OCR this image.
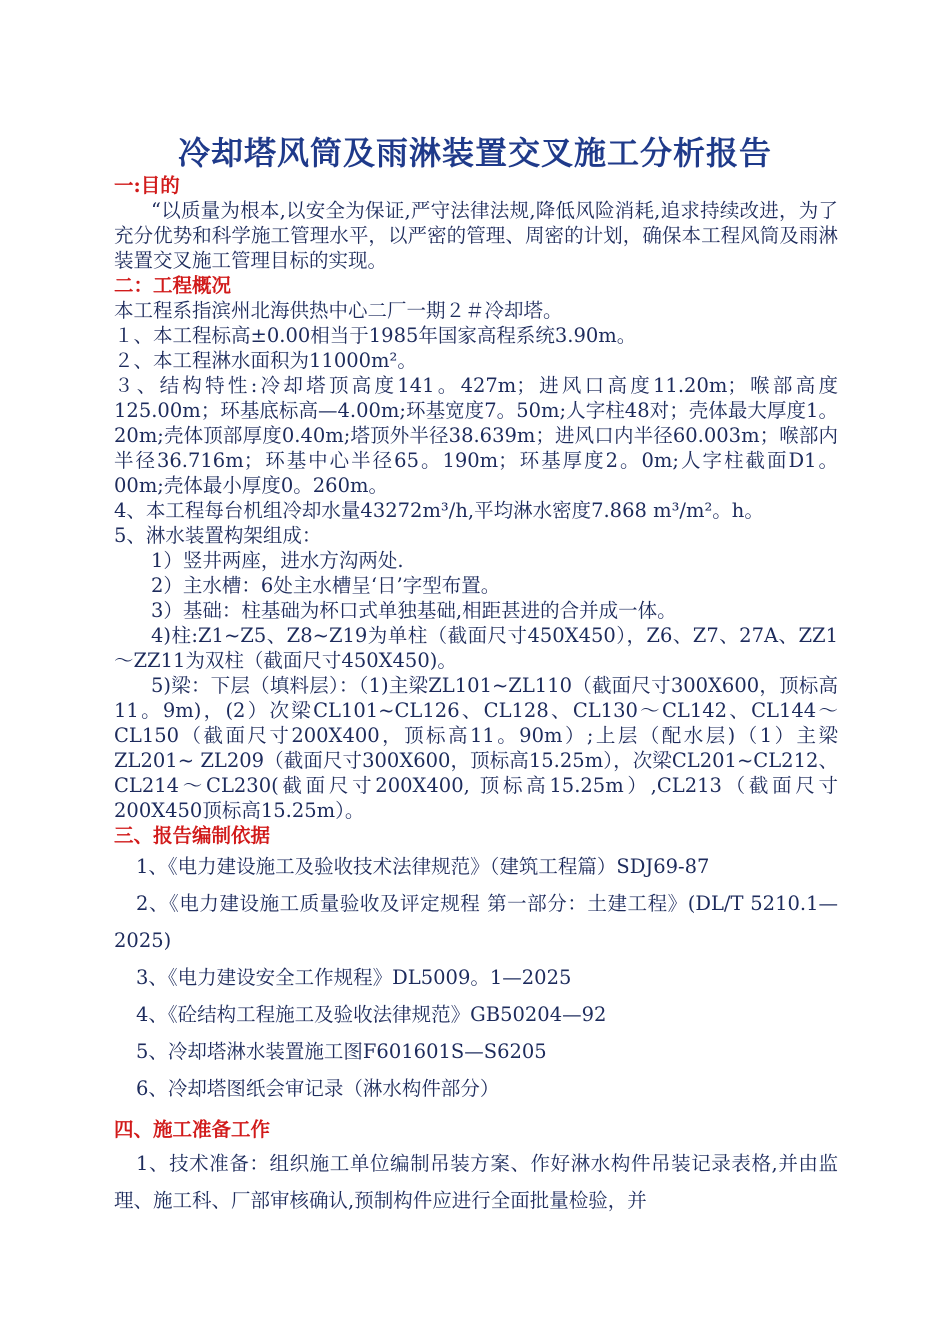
冷却塔风筒及雨淋装置交叉施工分析报告

一:目的

“以质量为根本,以安全为保证,严守法律法规,降低风险消耗,追求持续改进，为了充分优势和科学施工管理水平，以严密的管理、周密的计划，确保本工程风筒及雨淋装置交叉施工管理目标的实现。

二：工程概况

本工程系指滨州北海供热中心二厂一期２＃冷却塔。

１、本工程标高±0.00相当于1985年国家高程系统3.90m。

２、本工程淋水面积为11000m²。

３、结构特性:冷却塔顶高度141。427m；进风口高度11.20m；喉部高度125.00m；环基底标高—4.00m;环基宽度7。50m;人字柱48对；壳体最大厚度1。20m;壳体顶部厚度0.40m;塔顶外半径38.639m；进风口内半径60.003m；喉部内半径36.716m；环基中心半径65。190m；环基厚度2。0m;人字柱截面D1。00m;壳体最小厚度0。260m。

4、本工程每台机组冷却水量43272m³/h,平均淋水密度7.868 m³/m²。h。

5、淋水装置构架组成：

1）竖井两座，进水方沟两处.

2）主水槽：6处主水槽呈‘日’字型布置。

3）基础：柱基础为杯口式单独基础,相距甚进的合并成一体。

4)柱:Z1~Z5、Z8~Z19为单柱（截面尺寸450X450），Z6、Z7、27A、ZZ1～ZZ11为双柱（截面尺寸450X450)。

5)梁：下层（填料层）：（1)主梁ZL101~ZL110（截面尺寸300X600，顶标高11。9m)，(2）次梁CL101~CL126、CL128、CL130～CL142、CL144～CL150（截面尺寸200X400，顶标高11。90m）;上层（配水层)（1）主梁ZL201~ ZL209（截面尺寸300X600，顶标高15.25m），次梁CL201~CL212、CL214～CL230(截面尺寸200X400, 顶标高15.25m）,CL213（截面尺寸200X450顶标高15.25m）。

三、报告编制依据

1、《电力建设施工及验收技术法律规范》（建筑工程篇）SDJ69-87

2、《电力建设施工质量验收及评定规程 第一部分：土建工程》(DL/T 5210.1—2025)

3、《电力建设安全工作规程》DL5009。1—2025

4、《砼结构工程施工及验收法律规范》GB50204—92

5、冷却塔淋水装置施工图F601601S—S6205

6、冷却塔图纸会审记录（淋水构件部分）

四、施工准备工作

1、技术准备：组织施工单位编制吊装方案、作好淋水构件吊装记录表格,并由监理、施工科、厂部审核确认,预制构件应进行全面批量检验，并
